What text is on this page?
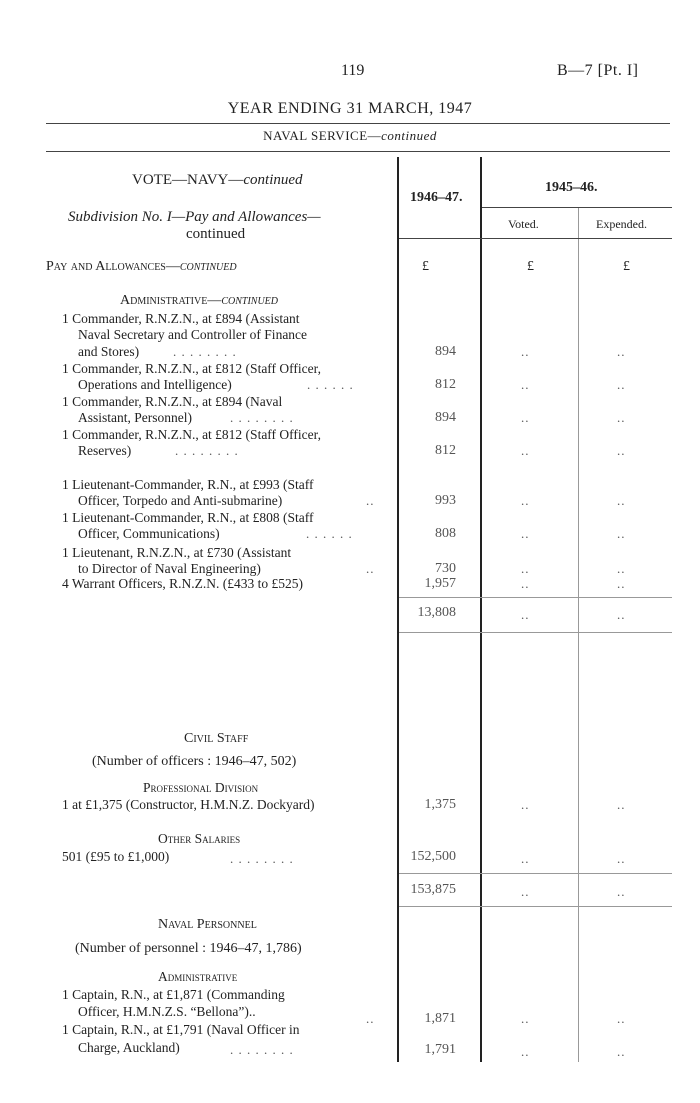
119	B—7 [Pt. I]
YEAR ENDING 31 MARCH, 1947
NAVAL SERVICE—continued
VOTE—NAVY—continued
Subdivision No. I—Pay and Allowances—
continued
1946–47.
1945–46.
Voted.	Expended.
Pay and Allowances—continued	£	£	£
Administrative—continued
1 Commander, R.N.Z.N., at £894 (Assistant
Naval Secretary and Controller of Finance
and Stores)	. . . . . . . .	894	..	..
1 Commander, R.N.Z.N., at £812 (Staff Officer,
Operations and Intelligence)	. . . . . .	812	..	..
1 Commander, R.N.Z.N., at £894 (Naval
Assistant, Personnel)	. . . . . . . .	894	..	..
1 Commander, R.N.Z.N., at £812 (Staff Officer,
Reserves)	. . . . . . . .	812	..	..
1 Lieutenant-Commander, R.N., at £993 (Staff
Officer, Torpedo and Anti-submarine)	..	993	..	..
1 Lieutenant-Commander, R.N., at £808 (Staff
Officer, Communications)	. . . . . .	808	..	..
1 Lieutenant, R.N.Z.N., at £730 (Assistant
to Director of Naval Engineering)	..	730	..	..
4 Warrant Officers, R.N.Z.N. (£433 to £525)	1,957	..	..
13,808	..	..
Civil Staff
(Number of officers : 1946–47, 502)
Professional Division
1 at £1,375 (Constructor, H.M.N.Z. Dockyard)	1,375	..	..
Other Salaries
501 (£95 to £1,000)	. . . . . . . .	152,500	..	..
153,875	..	..
Naval Personnel
(Number of personnel : 1946–47, 1,786)
Administrative
1 Captain, R.N., at £1,871 (Commanding
Officer, H.M.N.Z.S. “Bellona”)..	..	1,871	..	..
1 Captain, R.N., at £1,791 (Naval Officer in
Charge, Auckland)	. . . . . . . .	1,791	..	..
